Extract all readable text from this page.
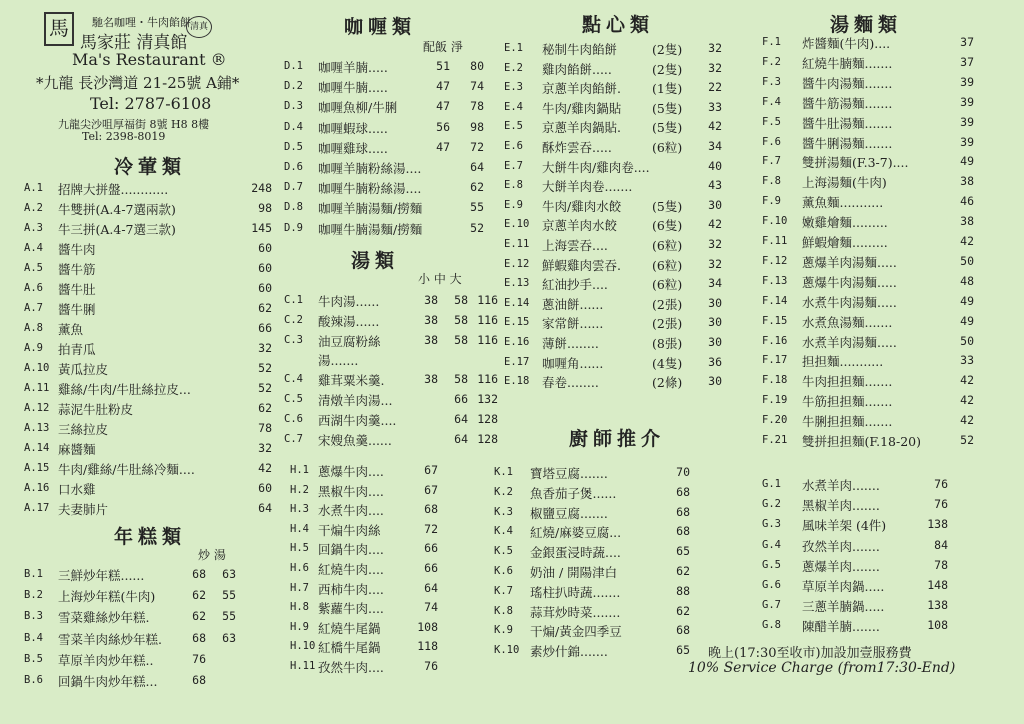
馬	清真
馳名咖哩・牛肉餡餅
馬家莊 清真館
Ma's Restaurant ®
*九龍 長沙灣道 21-25號 A鋪*
Tel: 2787-6108
九龍尖沙咀厚福街 8號 H8 8樓
Tel: 2398-8019
冷葷類
年糕類
炒 湯
咖喱類
配飯 淨
湯類
小 中 大
點心類
廚師推介
湯麵類
A.1 招牌大拼盤............	248
A.2 牛雙拼(A.4-7選兩款)	98
A.3 牛三拼(A.4-7選三款)	145
A.4 醬牛肉	60
A.5 醬牛筋	60
A.6 醬牛肚	60
A.7 醬牛脷	62
A.8 薰魚	66
A.9 拍青瓜	32
A.10 黃瓜拉皮	52
A.11 雞絲/牛肉/牛肚絲拉皮...	52
A.12 蒜泥牛肚粉皮	62
A.13 三絲拉皮	78
A.14 麻醬麵	32
A.15 牛肉/雞絲/牛肚絲冷麵....	42
A.16 口水雞	60
A.17 夫妻肺片	64
B.1 三鮮炒年糕......	68	63
B.2 上海炒年糕(牛肉)	62	55
B.3 雪菜雞絲炒年糕.	62	55
B.4 雪菜羊肉絲炒年糕.	68	63
B.5 草原羊肉炒年糕..	76
B.6 回鍋牛肉炒年糕...	68
D.1 咖喱羊腩.....	51	80
D.2 咖喱牛腩.....	47	74
D.3 咖喱魚柳/牛脷	47	78
D.4 咖喱蝦球.....	56	98
D.5 咖喱雞球.....	47	72
D.6 咖喱羊腩粉絲湯....	64
D.7 咖喱牛腩粉絲湯....	62
D.8 咖喱羊腩湯麵/撈麵	55
D.9 咖喱牛腩湯麵/撈麵	52
C.1 牛肉湯......	38	58 116
C.2 酸辣湯......	38	58 116
C.3 油豆腐粉絲	38	58 116
湯.......
C.4 雞茸粟米羹.	38	58 116
C.5 清燉羊肉湯...	66 132
C.6 西湖牛肉羹....	64 128
C.7 宋嫂魚羹......	64 128
H.1 蔥爆牛肉....	67
H.2 黑椒牛肉....	67
H.3 水煮牛肉....	68
H.4 干煸牛肉絲	72
H.5 回鍋牛肉....	66
H.6 紅燒牛肉....	66
H.7 西柿牛肉....	64
H.8 紫蘿牛肉....	74
H.9 紅燒牛尾鍋	108
H.10 紅橋牛尾鍋	118
H.11 孜然牛肉....	76
E.1 秘制牛肉餡餅	(2隻)	32
E.2 雞肉餡餅.....	(2隻)	32
E.3 京蔥羊肉餡餅. (1隻)	22
E.4 牛肉/雞肉鍋貼 (5隻)	33
E.5 京蔥羊肉鍋貼. (5隻)	42
E.6 酥炸雲吞.....	(6粒)	34
E.7 大餅牛肉/雞肉卷....	40
E.8 大餅羊肉卷.......	43
E.9 牛肉/雞肉水餃 (5隻)	30
E.10 京蔥羊肉水餃	(6隻)	42
E.11 上海雲吞....	(6粒)	32
E.12 鮮蝦雞肉雲吞. (6粒)	32
E.13 紅油抄手....	(6粒)	34
E.14 蔥油餅......	(2張)	30
E.15 家常餅......	(2張)	30
E.16 薄餅........	(8張)	30
E.17 咖喱角......	(4隻)	36
E.18 春卷........	(2條)	30
K.1 寶塔豆腐.......	70
K.2 魚香茄子煲......	68
K.3 椒鹽豆腐.......	68
K.4 紅燒/麻婆豆腐...	68
K.5 金銀蛋浸時蔬....	65
K.6 奶油 / 開陽津白	62
K.7 瑤柱扒時蔬.......	88
K.8 蒜茸炒時菜.......	62
K.9 干煸/黃金四季豆	68
K.10 素炒什錦.......	65
F.1 炸醬麵(牛肉)....	37
F.2 紅燒牛腩麵.......	37
F.3 醬牛肉湯麵.......	39
F.4 醬牛筋湯麵.......	39
F.5 醬牛肚湯麵.......	39
F.6 醬牛脷湯麵.......	39
F.7 雙拼湯麵(F.3-7)....	49
F.8 上海湯麵(牛肉)	38
F.9 薰魚麵...........	46
F.10 嫩雞燴麵.........	38
F.11 鮮蝦燴麵.........	42
F.12 蔥爆羊肉湯麵.....	50
F.13 蔥爆牛肉湯麵.....	48
F.14 水煮牛肉湯麵.....	49
F.15 水煮魚湯麵.......	49
F.16 水煮羊肉湯麵.....	50
F.17 担担麵...........	33
F.18 牛肉担担麵.......	42
F.19 牛筋担担麵.......	42
F.20 牛脷担担麵.......	42
F.21 雙拼担担麵(F.18-20)	52
G.1 水煮羊肉.......	76
G.2 黑椒羊肉.......	76
G.3 風味羊架 (4件)	138
G.4 孜然羊肉.......	84
G.5 蔥爆羊肉.......	78
G.6 草原羊肉鍋.....	148
G.7 三蔥羊腩鍋.....	138
G.8 陳醋羊腩.......	108
晚上(17:30至收市)加設加壹服務費
10% Service Charge (from17:30-End)
